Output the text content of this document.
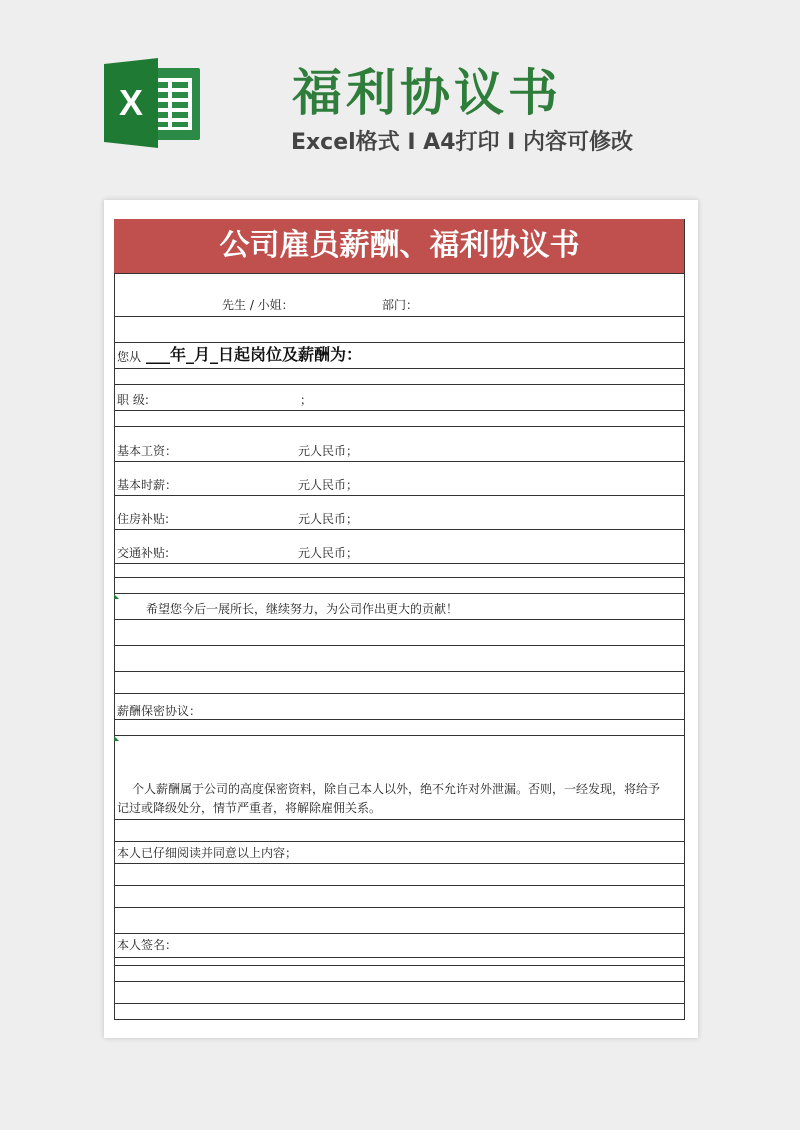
X	福利协议书
Excel格式 I A4打印 I 内容可修改
公司雇员薪酬、福利协议书
先生 / 小姐：	部门：
您从 ___年_月_日起岗位及薪酬为：
职 级:	；
基本工资：	元人民币；
基本时薪：	元人民币；
住房补贴:	元人民币；
交通补贴:	元人民币；
希望您今后一展所长，继续努力，为公司作出更大的贡献！
薪酬保密协议：
个人薪酬属于公司的高度保密资料，除自己本人以外，绝不允许对外泄漏。否则，一经发现，将给予
记过或降级处分，情节严重者，将解除雇佣关系。
本人已仔细阅读并同意以上内容；
本人签名：
